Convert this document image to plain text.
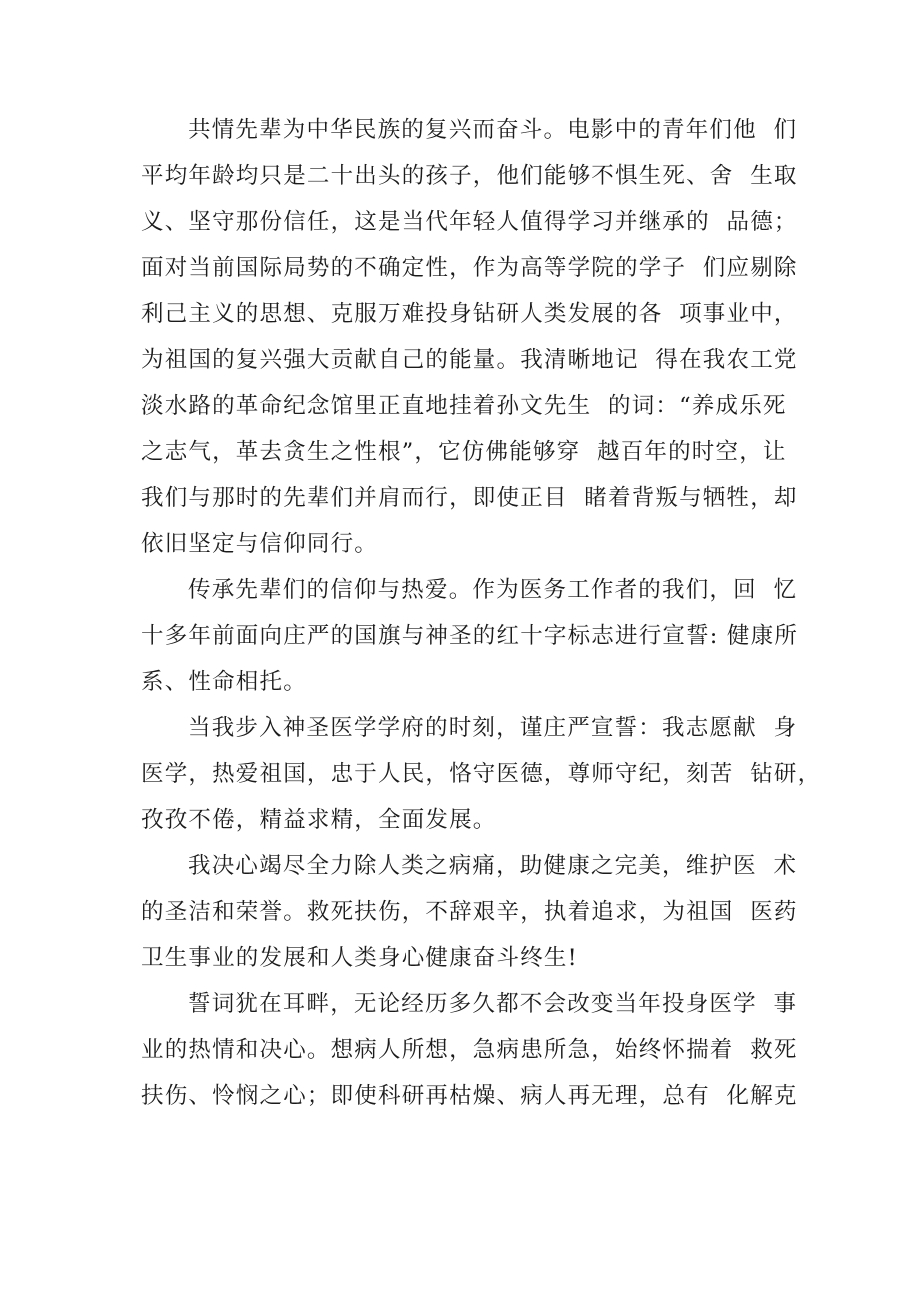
共情先辈为中华民族的复兴而奋斗。电影中的青年们他  们
平均年龄均只是二十出头的孩子，他们能够不惧生死、舍  生取
义、坚守那份信任，这是当代年轻人值得学习并继承的  品德；
面对当前国际局势的不确定性，作为高等学院的学子  们应剔除
利己主义的思想、克服万难投身钻研人类发展的各  项事业中，
为祖国的复兴强大贡献自己的能量。我清晰地记  得在我农工党
淡水路的革命纪念馆里正直地挂着孙文先生  的词：“养成乐死
之志气，革去贪生之性根”，它仿佛能够穿  越百年的时空，让
我们与那时的先辈们并肩而行，即使正目  睹着背叛与牺牲，却
依旧坚定与信仰同行。
传承先辈们的信仰与热爱。作为医务工作者的我们，回  忆
十多年前面向庄严的国旗与神圣的红十字标志进行宣誓: 健康所
系、性命相托。
当我步入神圣医学学府的时刻，谨庄严宣誓：我志愿献  身
医学，热爱祖国，忠于人民，恪守医德，尊师守纪，刻苦  钻研，
孜孜不倦，精益求精，全面发展。
我决心竭尽全力除人类之病痛，助健康之完美，维护医  术
的圣洁和荣誉。救死扶伤，不辞艰辛，执着追求，为祖国  医药
卫生事业的发展和人类身心健康奋斗终生!
誓词犹在耳畔，无论经历多久都不会改变当年投身医学  事
业的热情和决心。想病人所想，急病患所急，始终怀揣着  救死
扶伤、怜悯之心；即使科研再枯燥、病人再无理，总有  化解克
